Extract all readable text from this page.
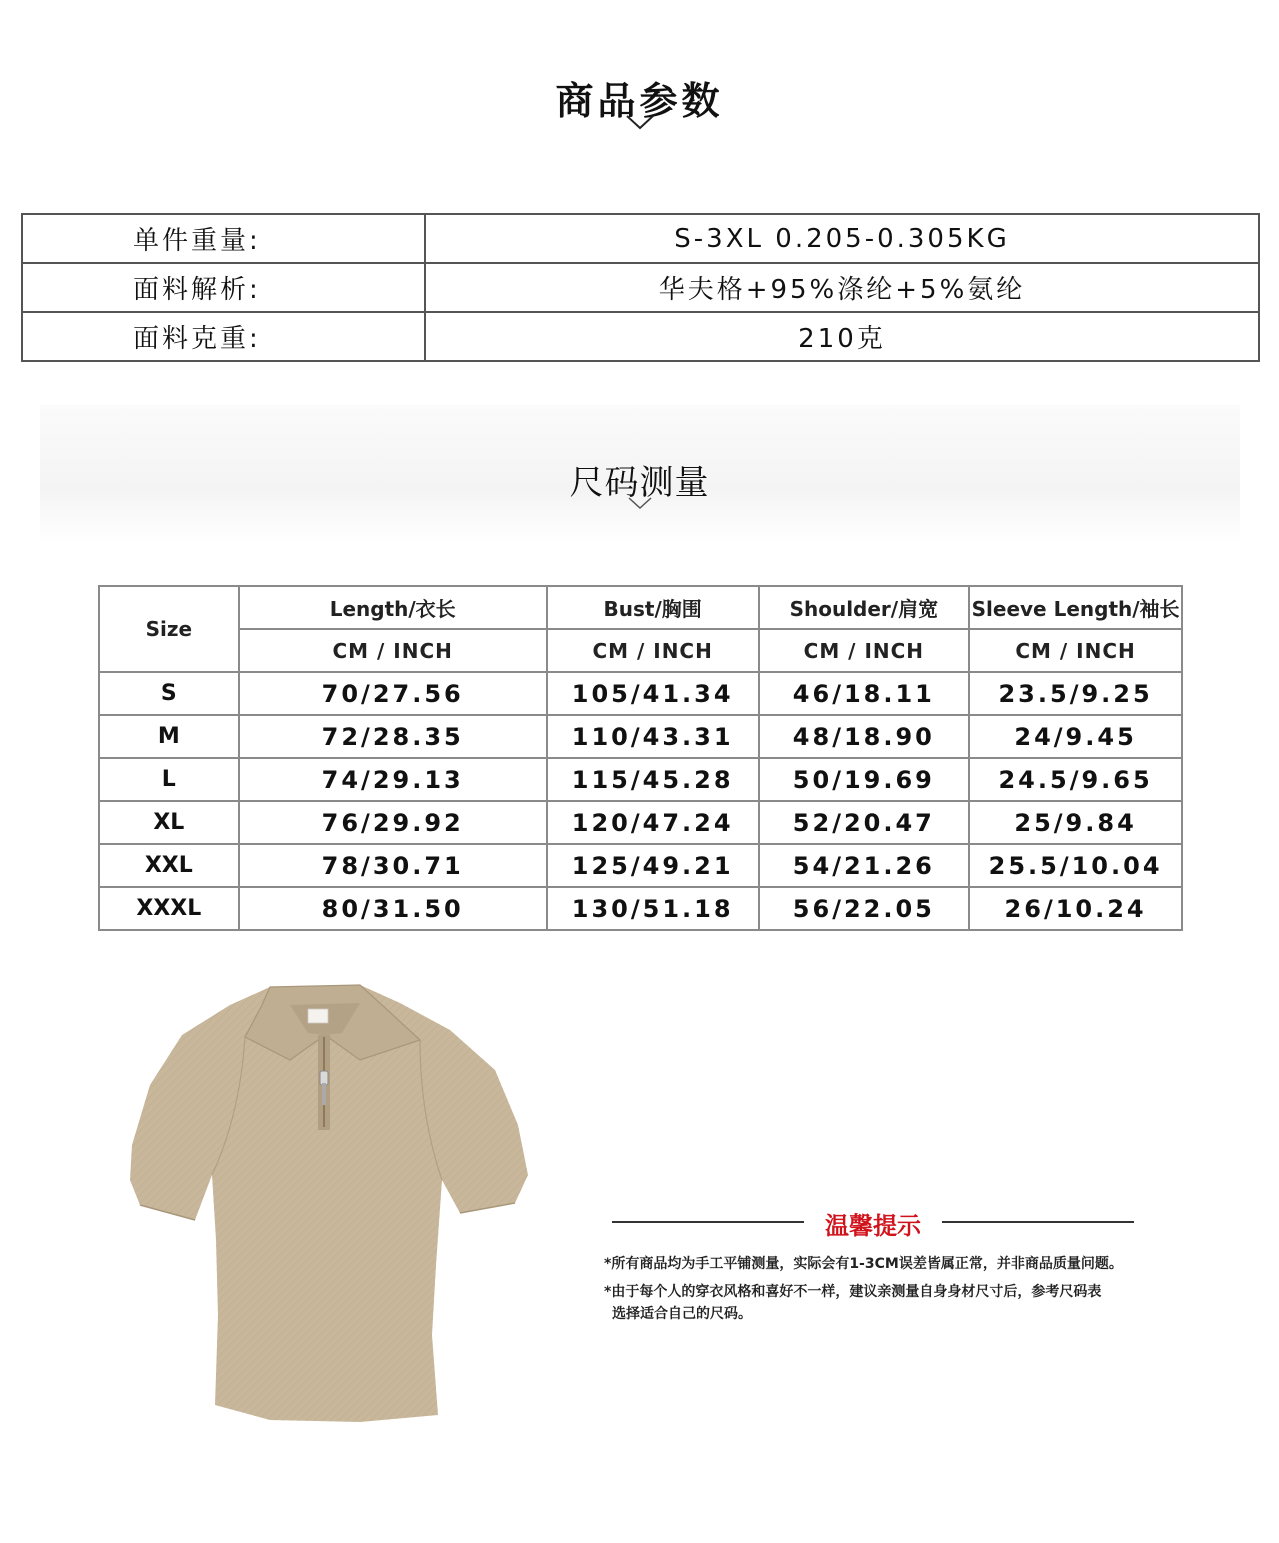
商品参数
单件重量:	S-3XL 0.205-0.305KG
面料解析:	华夫格+95%涤纶+5%氨纶
面料克重:	210克
尺码测量
Size	Length/衣长	Bust/胸围	Shoulder/肩宽	Sleeve Length/袖长
	CM / INCH	CM / INCH	CM / INCH	CM / INCH
S	70/27.56	105/41.34	46/18.11	23.5/9.25
M	72/28.35	110/43.31	48/18.90	24/9.45
L	74/29.13	115/45.28	50/19.69	24.5/9.65
XL	76/29.92	120/47.24	52/20.47	25/9.84
XXL	78/30.71	125/49.21	54/21.26	25.5/10.04
XXXL	80/31.50	130/51.18	56/22.05	26/10.24
温馨提示
*所有商品均为手工平铺测量，实际会有1-3CM误差皆属正常，并非商品质量问题。
*由于每个人的穿衣风格和喜好不一样，建议亲测量自身身材尺寸后，参考尺码表
选择适合自己的尺码。
